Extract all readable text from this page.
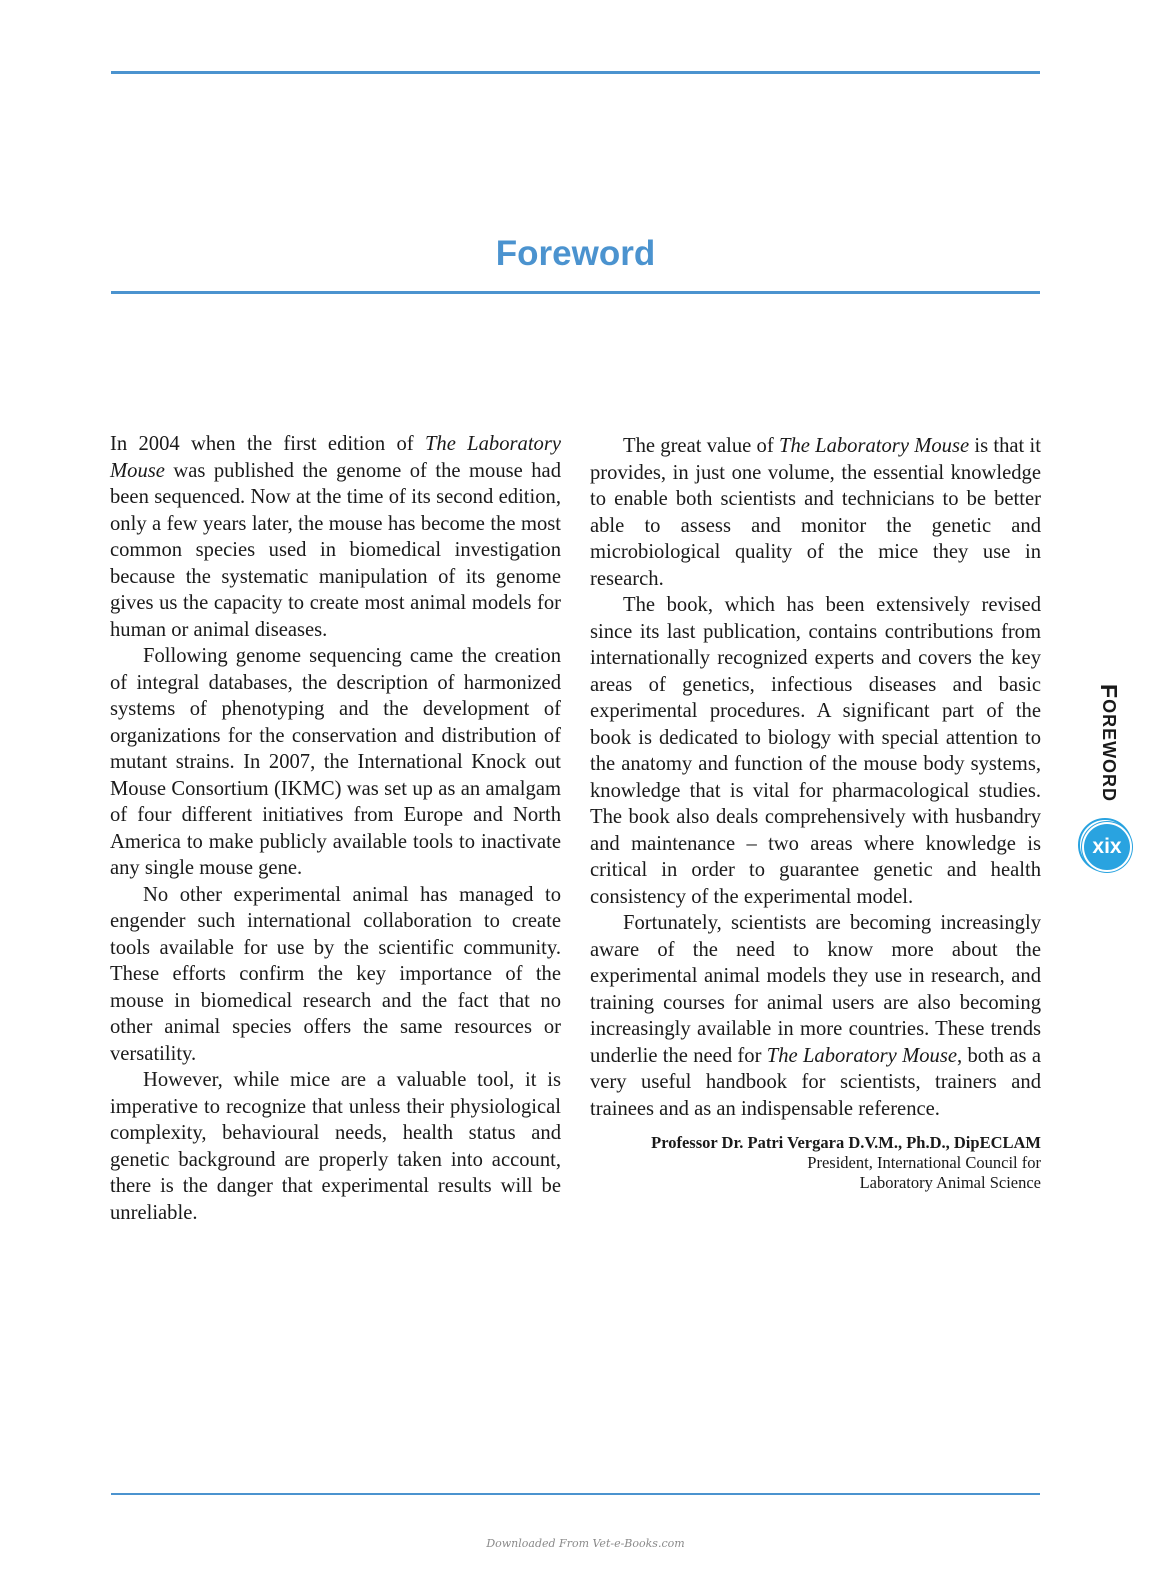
Foreword

In 2004 when the first edition of The Laboratory Mouse was published the genome of the mouse had been sequenced. Now at the time of its second edition, only a few years later, the mouse has become the most common species used in biomedical investigation because the systematic manipulation of its genome gives us the capacity to create most animal models for human or animal diseases.

Following genome sequencing came the creation of integral databases, the description of harmonized systems of phenotyping and the development of organizations for the conservation and distribution of mutant strains. In 2007, the International Knock out Mouse Consortium (IKMC) was set up as an amalgam of four different initiatives from Europe and North America to make publicly available tools to inactivate any single mouse gene.

No other experimental animal has managed to engender such international collaboration to create tools available for use by the scientific community. These efforts confirm the key importance of the mouse in biomedical research and the fact that no other animal species offers the same resources or versatility.

However, while mice are a valuable tool, it is imperative to recognize that unless their physiological complexity, behavioural needs, health status and genetic background are properly taken into account, there is the danger that experimental results will be unreliable.

The great value of The Laboratory Mouse is that it provides, in just one volume, the essential knowledge to enable both scientists and technicians to be better able to assess and monitor the genetic and microbiological quality of the mice they use in research.

The book, which has been extensively revised since its last publication, contains contributions from internationally recognized experts and covers the key areas of genetics, infectious diseases and basic experimental procedures. A significant part of the book is dedicated to biology with special attention to the anatomy and function of the mouse body systems, knowledge that is vital for pharmacological studies. The book also deals comprehensively with husbandry and maintenance – two areas where knowledge is critical in order to guarantee genetic and health consistency of the experimental model.

Fortunately, scientists are becoming increasingly aware of the need to know more about the experimental animal models they use in research, and training courses for animal users are also becoming increasingly available in more countries. These trends underlie the need for The Laboratory Mouse, both as a very useful handbook for scientists, trainers and trainees and as an indispensable reference.

Professor Dr. Patri Vergara D.V.M., Ph.D., DipECLAM
President, International Council for
Laboratory Animal Science
FOREWORD
xix
Downloaded From Vet-e-Books.com
